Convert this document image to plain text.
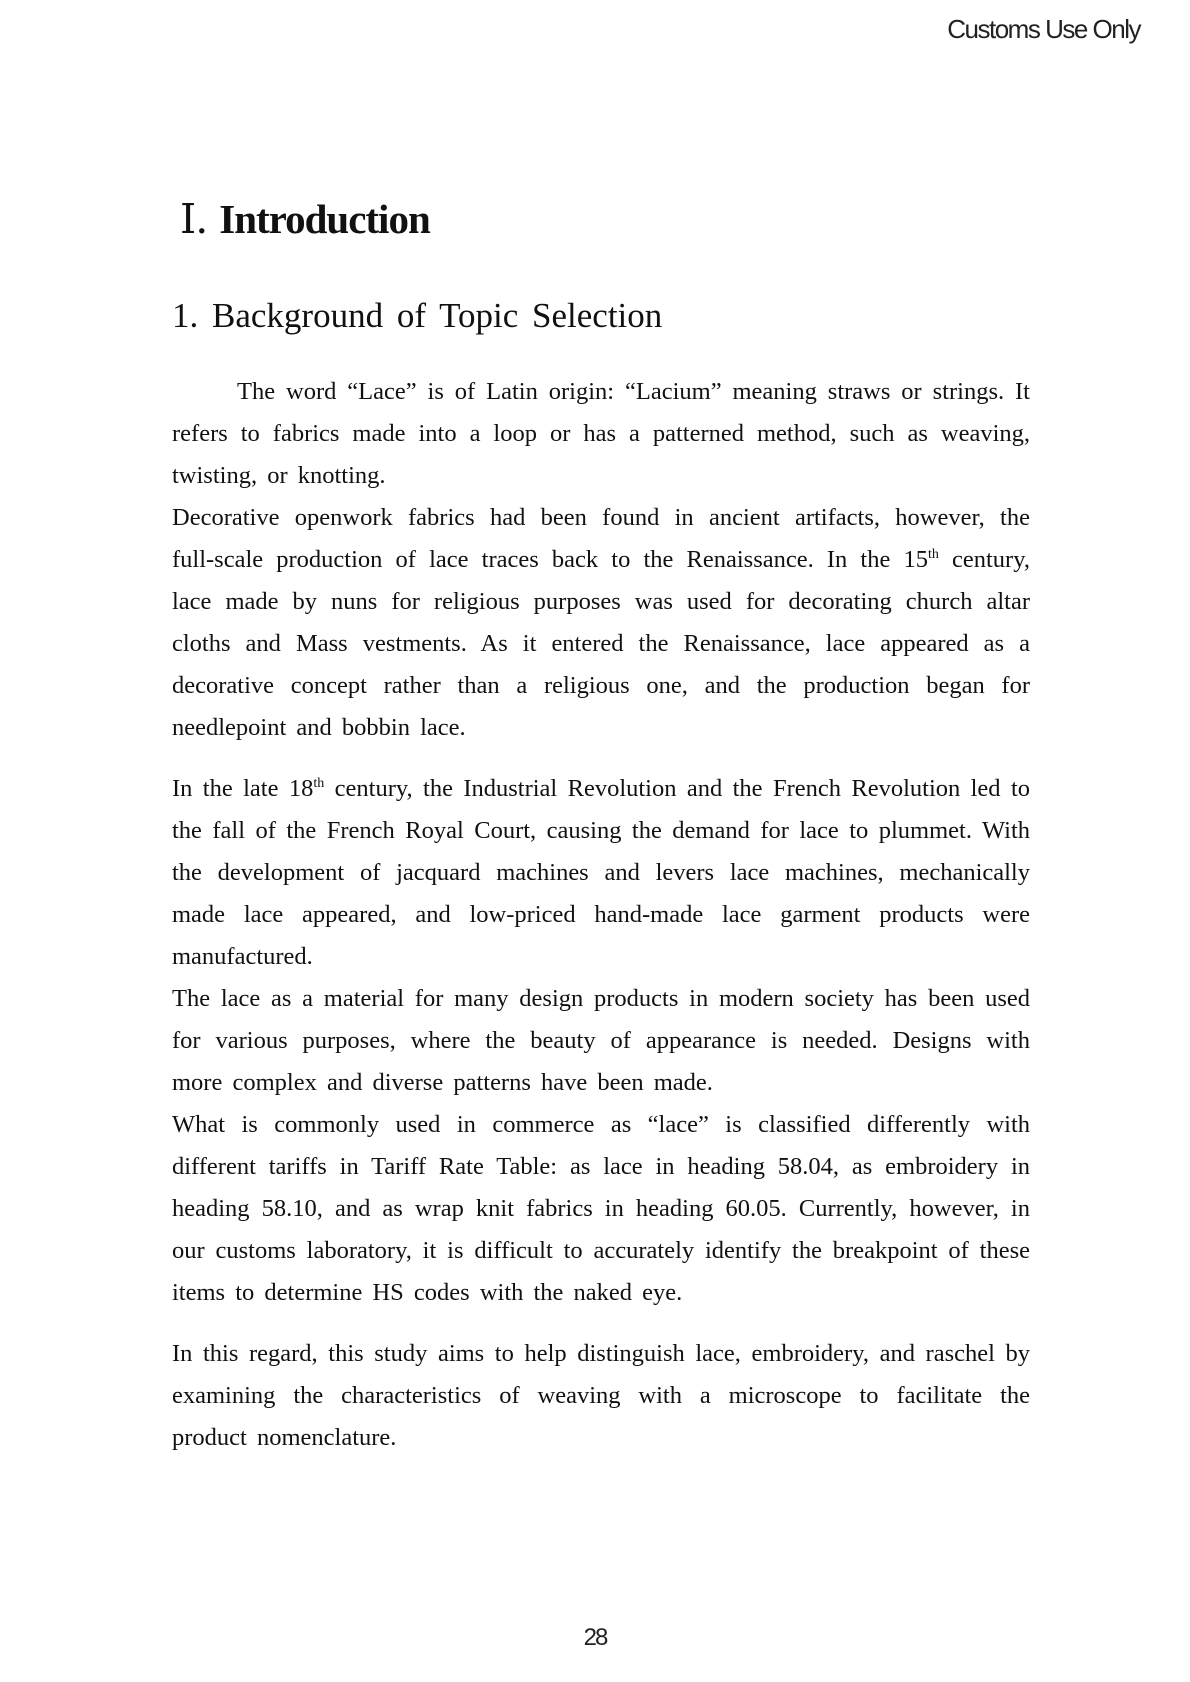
Customs Use Only
Ⅰ. Introduction
1. Background of Topic Selection

The word “Lace” is of Latin origin: “Lacium” meaning straws or strings. It refers to fabrics made into a loop or has a patterned method, such as weaving, twisting, or knotting.

Decorative openwork fabrics had been found in ancient artifacts, however, the full-scale production of lace traces back to the Renaissance. In the 15th century, lace made by nuns for religious purposes was used for decorating church altar cloths and Mass vestments. As it entered the Renaissance, lace appeared as a decorative concept rather than a religious one, and the production began for needlepoint and bobbin lace.

In the late 18th century, the Industrial Revolution and the French Revolution led to the fall of the French Royal Court, causing the demand for lace to plummet. With the development of jacquard machines and levers lace machines, mechanically made lace appeared, and low-priced hand-made lace garment products were manufactured.

The lace as a material for many design products in modern society has been used for various purposes, where the beauty of appearance is needed. Designs with more complex and diverse patterns have been made.

What is commonly used in commerce as “lace” is classified differently with different tariffs in Tariff Rate Table: as lace in heading 58.04, as embroidery in heading 58.10, and as wrap knit fabrics in heading 60.05. Currently, however, in our customs laboratory, it is difficult to accurately identify the breakpoint of these items to determine HS codes with the naked eye.

In this regard, this study aims to help distinguish lace, embroidery, and raschel by examining the characteristics of weaving with a microscope to facilitate the product nomenclature.

28
